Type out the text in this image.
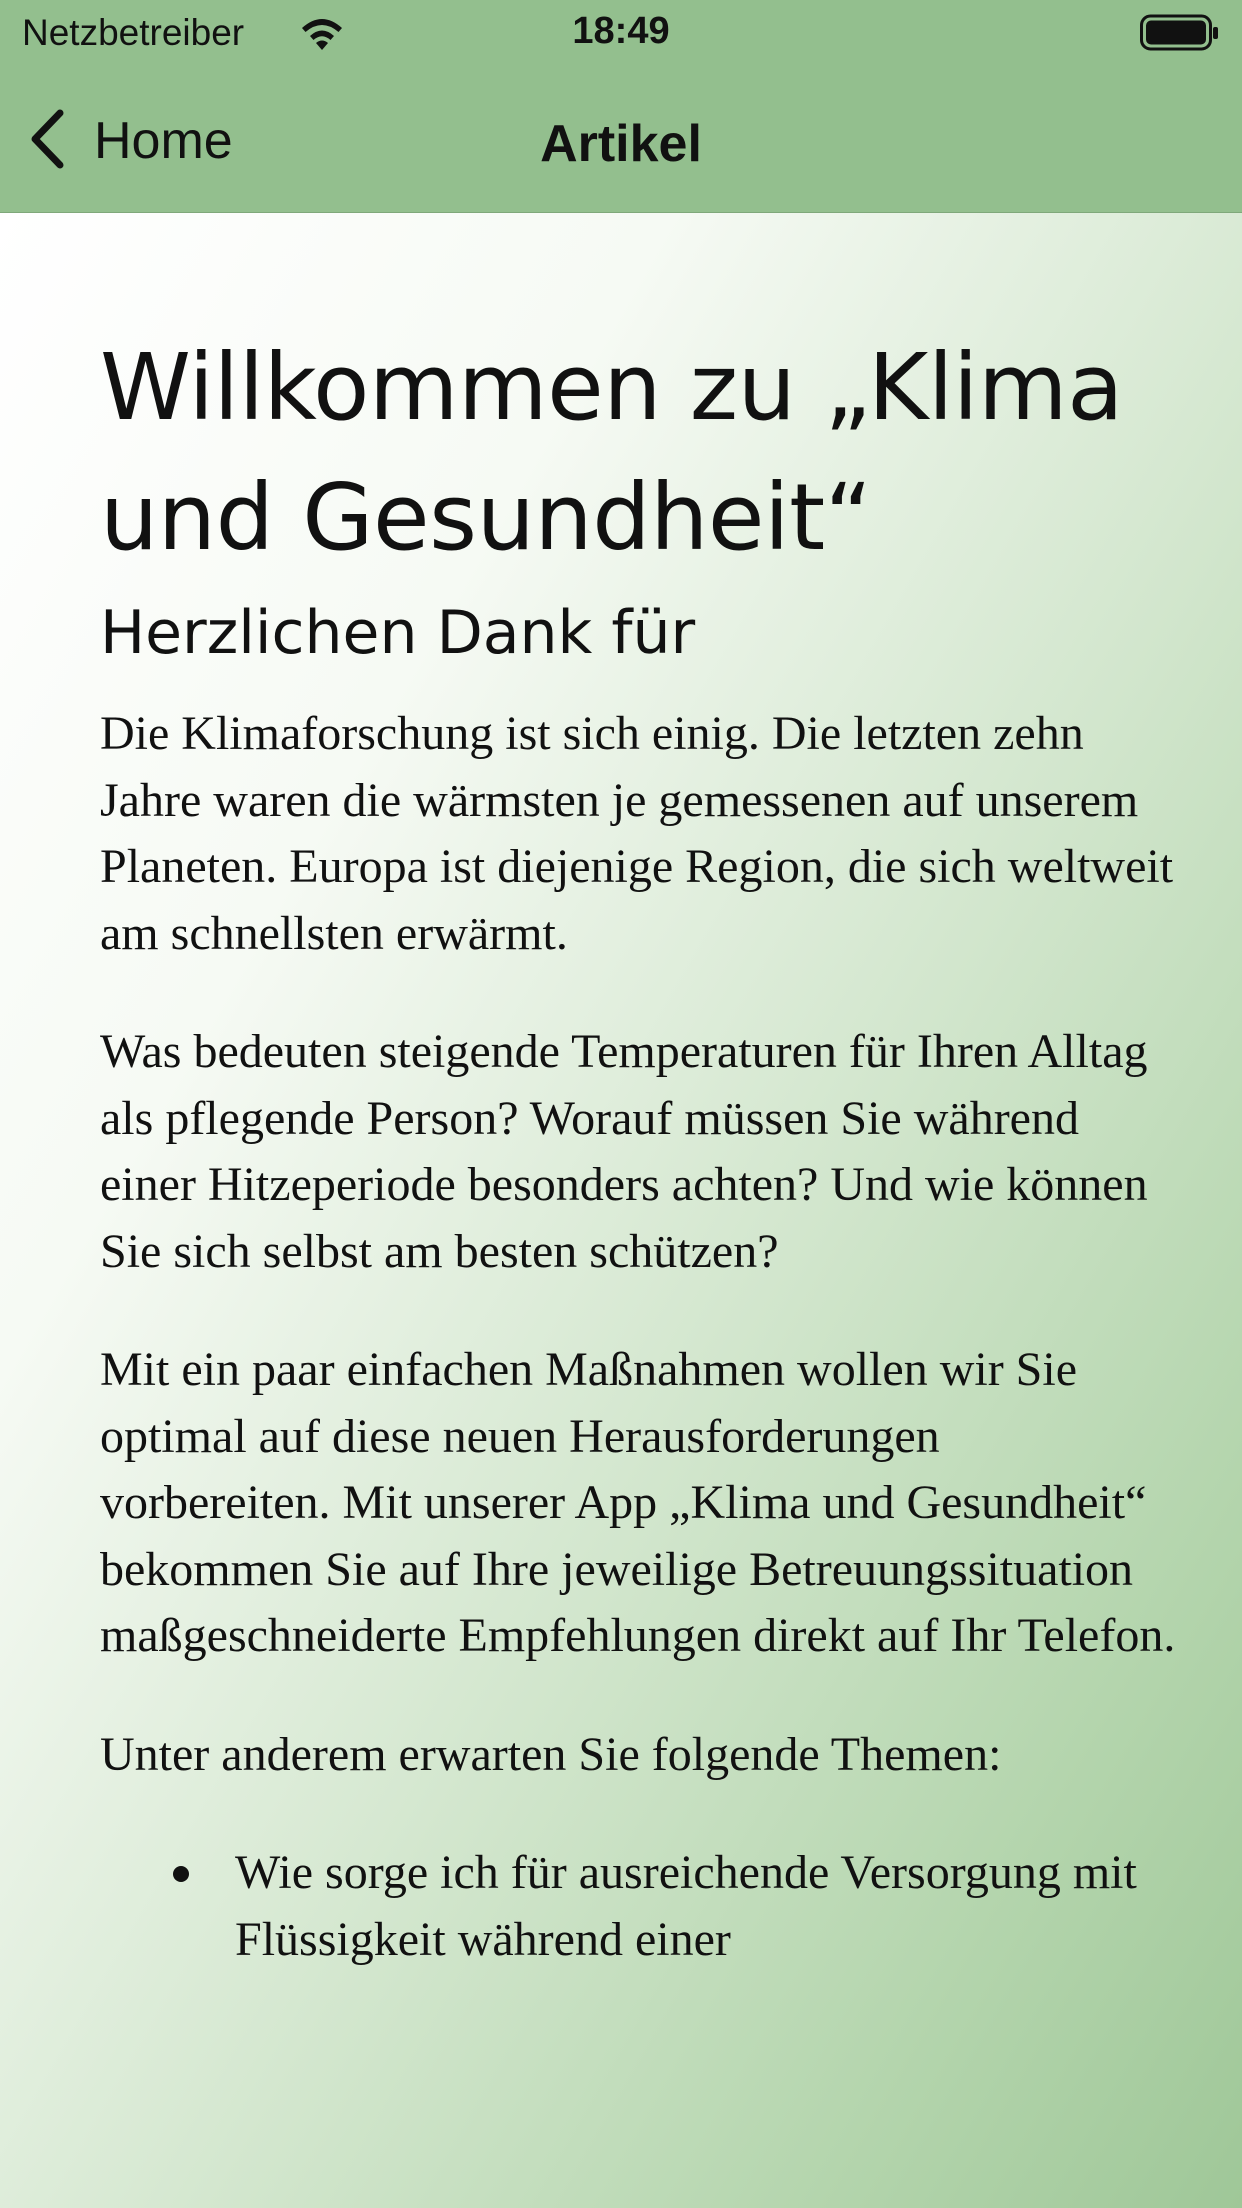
Netzbetreiber	18:49
Home	Artikel
Willkommen zu „Klima und Gesundheit“
Herzlichen Dank für

Die Klimaforschung ist sich einig. Die letzten zehn Jahre waren die wärmsten je gemessenen auf unserem Planeten. Europa ist diejenige Region, die sich weltweit am schnellsten erwärmt.

Was bedeuten steigende Temperaturen für Ihren Alltag als pflegende Person? Worauf müssen Sie während einer Hitzeperiode besonders achten? Und wie können Sie sich selbst am besten schützen?

Mit ein paar einfachen Maßnahmen wollen wir Sie optimal auf diese neuen Herausforderungen vorbereiten. Mit unserer App „Klima und Gesundheit“ bekommen Sie auf Ihre jeweilige Betreuungssituation maßgeschneiderte Empfehlungen direkt auf Ihr Telefon.

Unter anderem erwarten Sie folgende Themen:

Wie sorge ich für ausreichende Versorgung mit Flüssigkeit während einer
